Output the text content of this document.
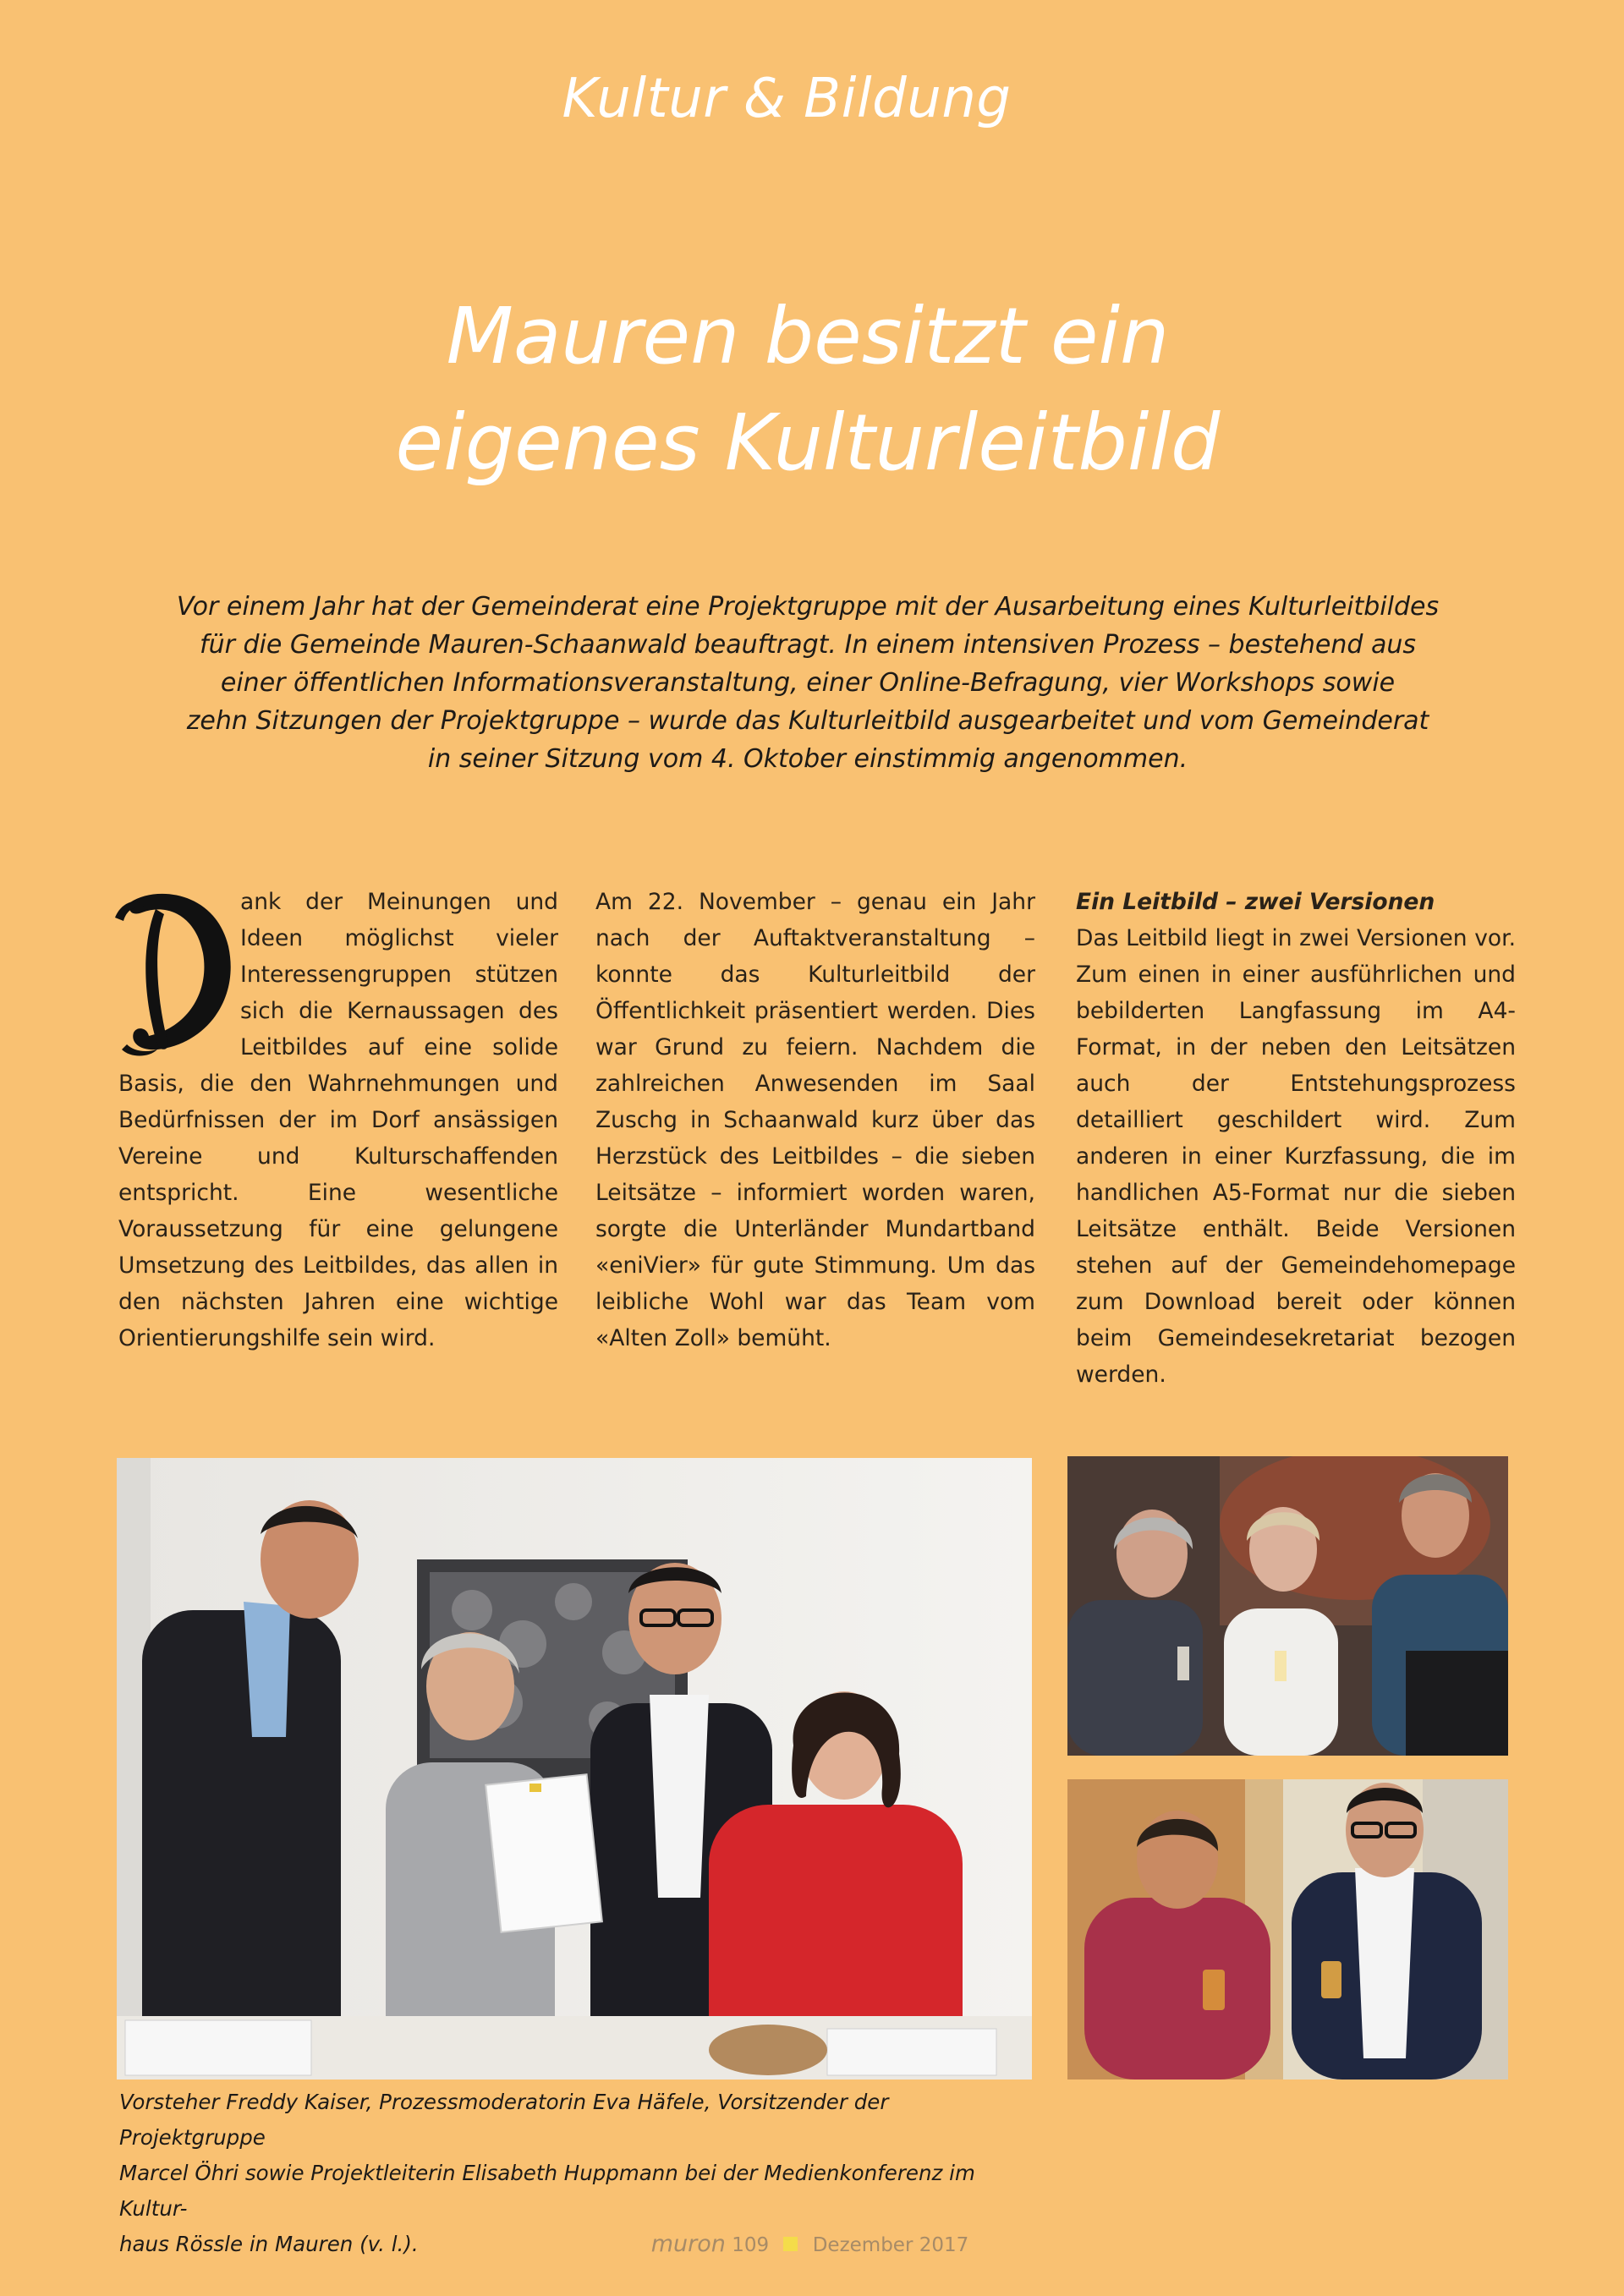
Kultur & Bildung
Mauren besitzt ein
eigenes Kulturleitbild

Vor einem Jahr hat der Gemeinderat eine Projektgruppe mit der Ausarbeitung eines Kulturleitbildes

für die Gemeinde Mauren-Schaanwald beauftragt. In einem intensiven Prozess – bestehend aus

einer öffentlichen Informationsveranstaltung, einer Online-Befragung, vier Workshops sowie

zehn Sitzungen der Projektgruppe – wurde das Kulturleitbild ausgearbeitet und vom Gemeinderat

in seiner Sitzung vom 4. Oktober einstimmig angenommen.

ank der Meinungen und Ideen möglichst vieler Interessengruppen stützen sich die Kernaussagen des Leitbildes auf eine solide Basis, die den Wahrnehmungen und Bedürfnissen der im Dorf ansässigen Vereine und Kulturschaffenden entspricht. Eine wesentliche Voraussetzung für eine gelungene Umsetzung des Leitbildes, das allen in den nächsten Jahren eine wichtige Orientierungshilfe sein wird.

Am 22. November – genau ein Jahr nach der Auftaktveranstaltung – konnte das Kulturleitbild der Öffentlichkeit präsentiert werden. Dies war Grund zu feiern. Nachdem die zahlreichen Anwesenden im Saal Zuschg in Schaanwald kurz über das Herzstück des Leitbildes – die sieben Leitsätze – informiert worden waren, sorgte die Unterländer Mundartband «eniVier» für gute Stimmung. Um das leibliche Wohl war das Team vom «Alten Zoll» bemüht.

Ein Leitbild – zwei Versionen

Das Leitbild liegt in zwei Versionen vor. Zum einen in einer ausführlichen und bebilderten Langfassung im A4-Format, in der neben den Leitsätzen auch der Entstehungsprozess detailliert geschildert wird. Zum anderen in einer Kurzfassung, die im handlichen A5-Format nur die sieben Leitsätze enthält. Beide Versionen stehen auf der Gemeindehomepage zum Download bereit oder können beim Gemeindesekretariat bezogen werden.

Vorsteher Freddy Kaiser, Prozessmoderatorin Eva Häfele, Vorsitzender der Projektgruppe
Marcel Öhri sowie Projektleiterin Elisabeth Huppmann bei der Medienkonferenz im Kultur-
haus Rössle in Mauren (v. l.).	muron 109 Dezember 2017
